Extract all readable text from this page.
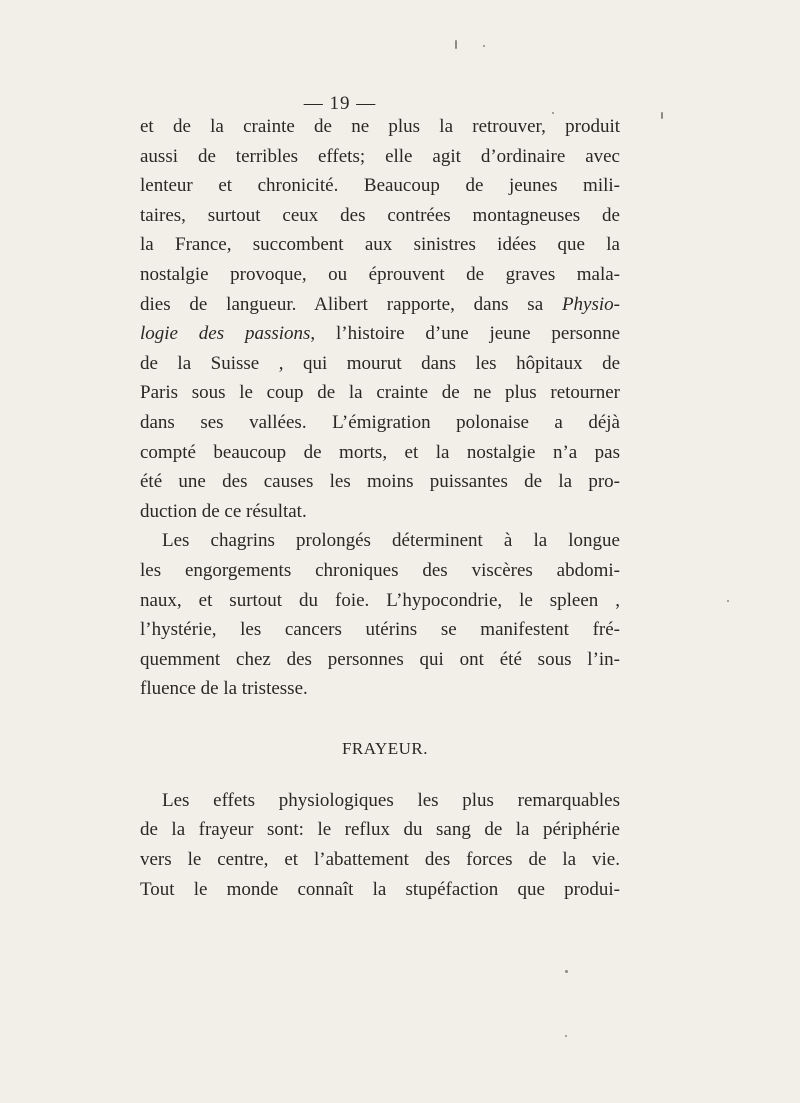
— 19 —
et de la crainte de ne plus la retrouver, produit
aussi de terribles effets; elle agit d’ordinaire avec
lenteur et chronicité. Beaucoup de jeunes mili-
taires, surtout ceux des contrées montagneuses de
la France, succombent aux sinistres idées que la
nostalgie provoque, ou éprouvent de graves mala-
dies de langueur. Alibert rapporte, dans sa Physio-
logie des passions, l’histoire d’une jeune personne
de la Suisse , qui mourut dans les hôpitaux de
Paris sous le coup de la crainte de ne plus retourner
dans ses vallées. L’émigration polonaise a déjà
compté beaucoup de morts, et la nostalgie n’a pas
été une des causes les moins puissantes de la pro-
duction de ce résultat.
Les chagrins prolongés déterminent à la longue
les engorgements chroniques des viscères abdomi-
naux, et surtout du foie. L’hypocondrie, le spleen ,
l’hystérie, les cancers utérins se manifestent fré-
quemment chez des personnes qui ont été sous l’in-
fluence de la tristesse.
FRAYEUR.
Les effets physiologiques les plus remarquables
de la frayeur sont: le reflux du sang de la périphérie
vers le centre, et l’abattement des forces de la vie.
Tout le monde connaît la stupéfaction que produi-
